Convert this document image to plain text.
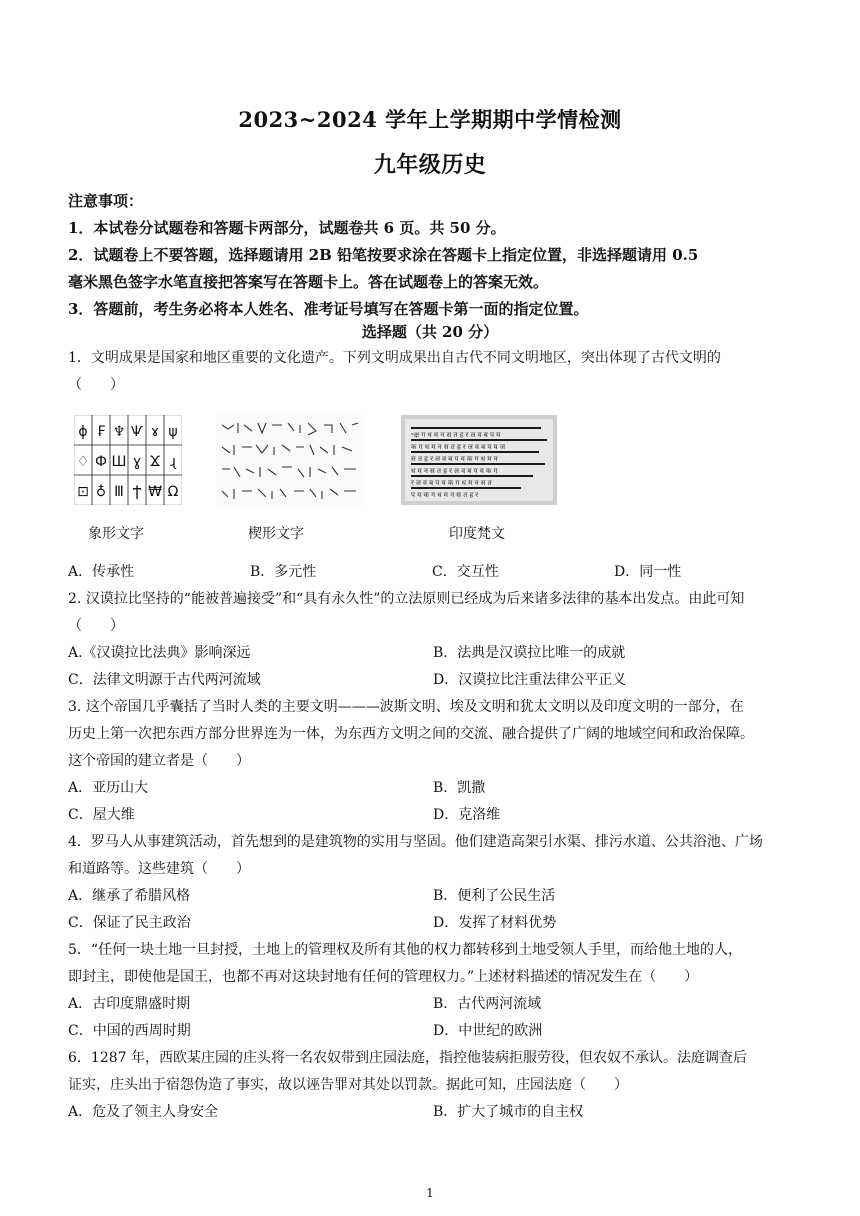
2023~2024 学年上学期期中学情检测
九年级历史
注意事项：
1．本试卷分试题卷和答题卡两部分，试题卷共 6 页。共 50 分。
2．试题卷上不要答题，选择题请用 2B 铅笔按要求涂在答题卡上指定位置，非选择题请用 0.5
毫米黑色签字水笔直接把答案写在答题卡上。答在试题卷上的答案无效。
3．答题前，考生务必将本人姓名、准考证号填写在答题卡第一面的指定位置。
选择题（共 20 分）
1．文明成果是国家和地区重要的文化遗产。下列文明成果出自古代不同文明地区，突出体现了古代文明的
（　　）
ɸ ₣ ♆ Ѱ ɤ ψ
♢ Ф Ш ɣ Ϫ ɻ
⊡ ♁ Ⅲ Ϯ ₩ Ω
॰क्ष ग ध म न स त ह र ल व ब प य
क ग ध म न स त ह र ल व ब प य ज
स त ह र ल व ब प य क ग ध म न
ध म न स त ह र ल व ब प य क ग
र ल व ब प य क ग ध म न स त
प य क ग ध म न स त ह र
象形文字	楔形文字	印度梵文
A．传承性	B．多元性	C．交互性	D．同一性
2. 汉谟拉比坚持的“能被普遍接受”和“具有永久性”的立法原则已经成为后来诸多法律的基本出发点。由此可知
（　　）
A.《汉谟拉比法典》影响深远	B．法典是汉谟拉比唯一的成就
C．法律文明源于古代两河流域	D．汉谟拉比注重法律公平正义
3. 这个帝国几乎囊括了当时人类的主要文明———波斯文明、埃及文明和犹太文明以及印度文明的一部分，在
历史上第一次把东西方部分世界连为一体，为东西方文明之间的交流、融合提供了广阔的地域空间和政治保障。
这个帝国的建立者是（　　）
A．亚历山大	B．凯撒
C．屋大维	D．克洛维
4．罗马人从事建筑活动，首先想到的是建筑物的实用与坚固。他们建造高架引水渠、排污水道、公共浴池、广场
和道路等。这些建筑（　　）
A．继承了希腊风格	B．便利了公民生活
C．保证了民主政治	D．发挥了材料优势
5．“任何一块土地一旦封授，土地上的管理权及所有其他的权力都转移到土地受领人手里，而给他土地的人，
即封主，即使他是国王，也都不再对这块封地有任何的管理权力。”上述材料描述的情况发生在（　　）
A．古印度鼎盛时期	B．古代两河流域
C．中国的西周时期	D．中世纪的欧洲
6．1287 年，西欧某庄园的庄头将一名农奴带到庄园法庭，指控他装病拒服劳役，但农奴不承认。法庭调查后
证实，庄头出于宿怨伪造了事实，故以诬告罪对其处以罚款。据此可知，庄园法庭（　　）
A．危及了领主人身安全	B．扩大了城市的自主权
1
